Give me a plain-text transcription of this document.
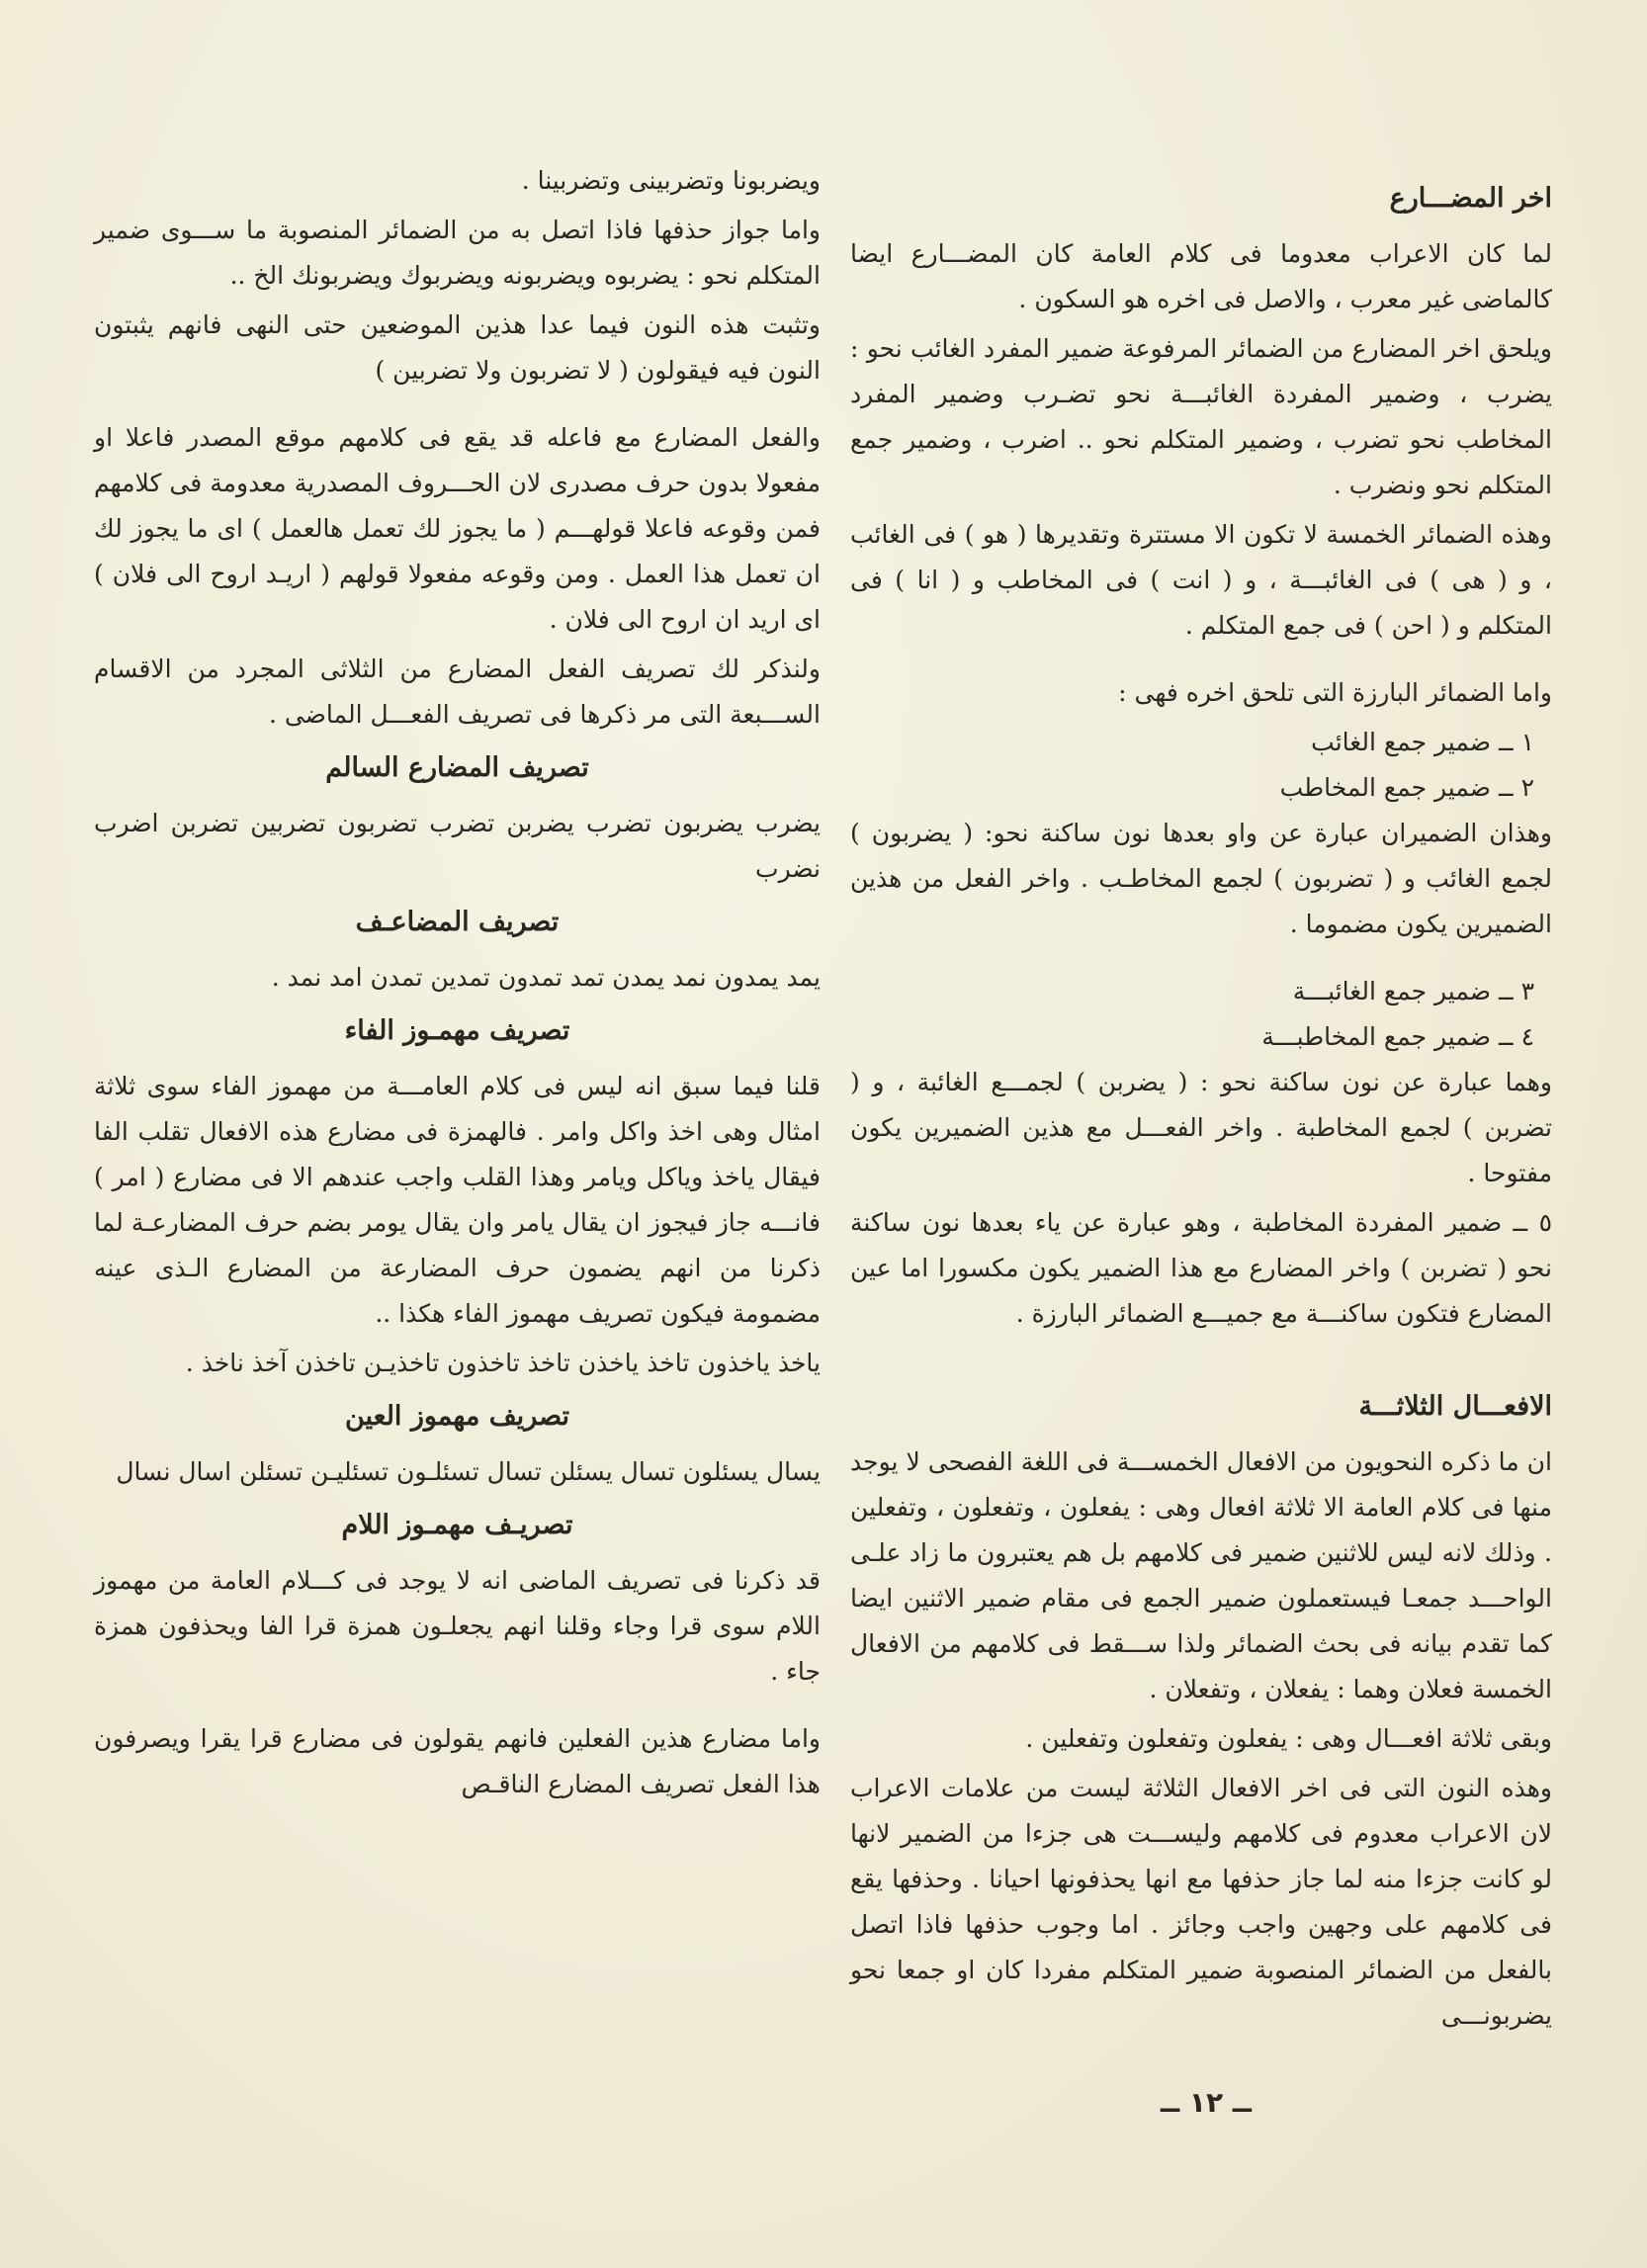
اخر المضـــارع

لما كان الاعراب معدوما فى كلام العامة كان المضـــارع ايضا كالماضى غير معرب ، والاصل فى اخره هو السكون .

ويلحق اخر المضارع من الضمائر المرفوعة ضمير المفرد الغائب نحو : يضرب ، وضمير المفردة الغائبـــة نحو تضـرب وضمير المفرد المخاطب نحو تضرب ، وضمير المتكلم نحو .. اضرب ، وضمير جمع المتكلم نحو ونضرب .

وهذه الضمائر الخمسة لا تكون الا مستترة وتقديرها ( هو ) فى الغائب ، و ( هى ) فى الغائبـــة ، و ( انت ) فى المخاطب و ( انا ) فى المتكلم و ( احن ) فى جمع المتكلم .

واما الضمائر البارزة التى تلحق اخره فهى :

١ ــ ضمير جمع الغائب

٢ ــ ضمير جمع المخاطب

وهذان الضميران عبارة عن واو بعدها نون ساكنة نحو: ( يضربون ) لجمع الغائب و ( تضربون ) لجمع المخاطـب . واخر الفعل من هذين الضميرين يكون مضموما .

٣ ــ ضمير جمع الغائبـــة

٤ ــ ضمير جمع المخاطبـــة

وهما عبارة عن نون ساكنة نحو : ( يضربن ) لجمـــع الغائبة ، و ( تضربن ) لجمع المخاطبة . واخر الفعـــل مع هذين الضميرين يكون مفتوحا .

٥ ــ ضمير المفردة المخاطبة ، وهو عبارة عن ياء بعدها نون ساكنة نحو ( تضربن ) واخر المضارع مع هذا الضمير يكون مكسورا اما عين المضارع فتكون ساكنـــة مع جميـــع الضمائر البارزة .

الافعـــال الثلاثـــة

ان ما ذكره النحويون من الافعال الخمســـة فى اللغة الفصحى لا يوجد منها فى كلام العامة الا ثلاثة افعال وهى : يفعلون ، وتفعلون ، وتفعلين . وذلك لانه ليس للاثنين ضمير فى كلامهم بل هم يعتبرون ما زاد علـى الواحـــد جمعـا فيستعملون ضمير الجمع فى مقام ضمير الاثنين ايضا كما تقدم بيانه فى بحث الضمائر ولذا ســـقط فى كلامهم من الافعال الخمسة فعلان وهما : يفعلان ، وتفعلان .

وبقى ثلاثة افعـــال وهى : يفعلون وتفعلون وتفعلين .

وهذه النون التى فى اخر الافعال الثلاثة ليست من علامات الاعراب لان الاعراب معدوم فى كلامهم وليســـت هى جزءا من الضمير لانها لو كانت جزءا منه لما جاز حذفها مع انها يحذفونها احيانا . وحذفها يقع فى كلامهم على وجهين واجب وجائز . اما وجوب حذفها فاذا اتصل بالفعل من الضمائر المنصوبة ضمير المتكلم مفردا كان او جمعا نحو يضربونـــى

ويضربونا وتضربينى وتضربينا .

واما جواز حذفها فاذا اتصل به من الضمائر المنصوبة ما ســـوى ضمير المتكلم نحو : يضربوه ويضربونه ويضربوك ويضربونك الخ ..

وتثبت هذه النون فيما عدا هذين الموضعين حتى النهى فانهم يثبتون النون فيه فيقولون ( لا تضربون ولا تضربين )

والفعل المضارع مع فاعله قد يقع فى كلامهم موقع المصدر فاعلا او مفعولا بدون حرف مصدرى لان الحـــروف المصدرية معدومة فى كلامهم فمن وقوعه فاعلا قولهـــم ( ما يجوز لك تعمل هالعمل ) اى ما يجوز لك ان تعمل هذا العمل . ومن وقوعه مفعولا قولهم ( اريـد اروح الى فلان ) اى اريد ان اروح الى فلان .

ولنذكر لك تصريف الفعل المضارع من الثلاثى المجرد من الاقسام الســـبعة التى مر ذكرها فى تصريف الفعـــل الماضى .

تصريف المضارع السالم

يضرب يضربون تضرب يضربن تضرب تضربون تضربين تضربن اضرب نضرب

تصريف المضاعـف

يمد يمدون نمد يمدن تمد تمدون تمدين تمدن امد نمد .

تصريف مهمـوز الفاء

قلنا فيما سبق انه ليس فى كلام العامـــة من مهموز الفاء سوى ثلاثة امثال وهى اخذ واكل وامر . فالهمزة فى مضارع هذه الافعال تقلب الفا فيقال ياخذ وياكل ويامر وهذا القلب واجب عندهم الا فى مضارع ( امر ) فانـــه جاز فيجوز ان يقال يامر وان يقال يومر بضم حرف المضارعـة لما ذكرنا من انهم يضمون حرف المضارعة من المضارع الـذى عينه مضمومة فيكون تصريف مهموز الفاء هكذا ..

ياخذ ياخذون تاخذ ياخذن تاخذ تاخذون تاخذيـن تاخذن آخذ ناخذ .

تصريف مهموز العين

يسال يسئلون تسال يسئلن تسال تسئلـون تسئليـن تسئلن اسال نسال

تصريـف مهمـوز اللام

قد ذكرنا فى تصريف الماضى انه لا يوجد فى كـــلام العامة من مهموز اللام سوى قرا وجاء وقلنا انهم يجعلـون همزة قرا الفا ويحذفون همزة جاء .

واما مضارع هذين الفعلين فانهم يقولون فى مضارع قرا يقرا ويصرفون هذا الفعل تصريف المضارع الناقـص

ــ ١٢ ــ
